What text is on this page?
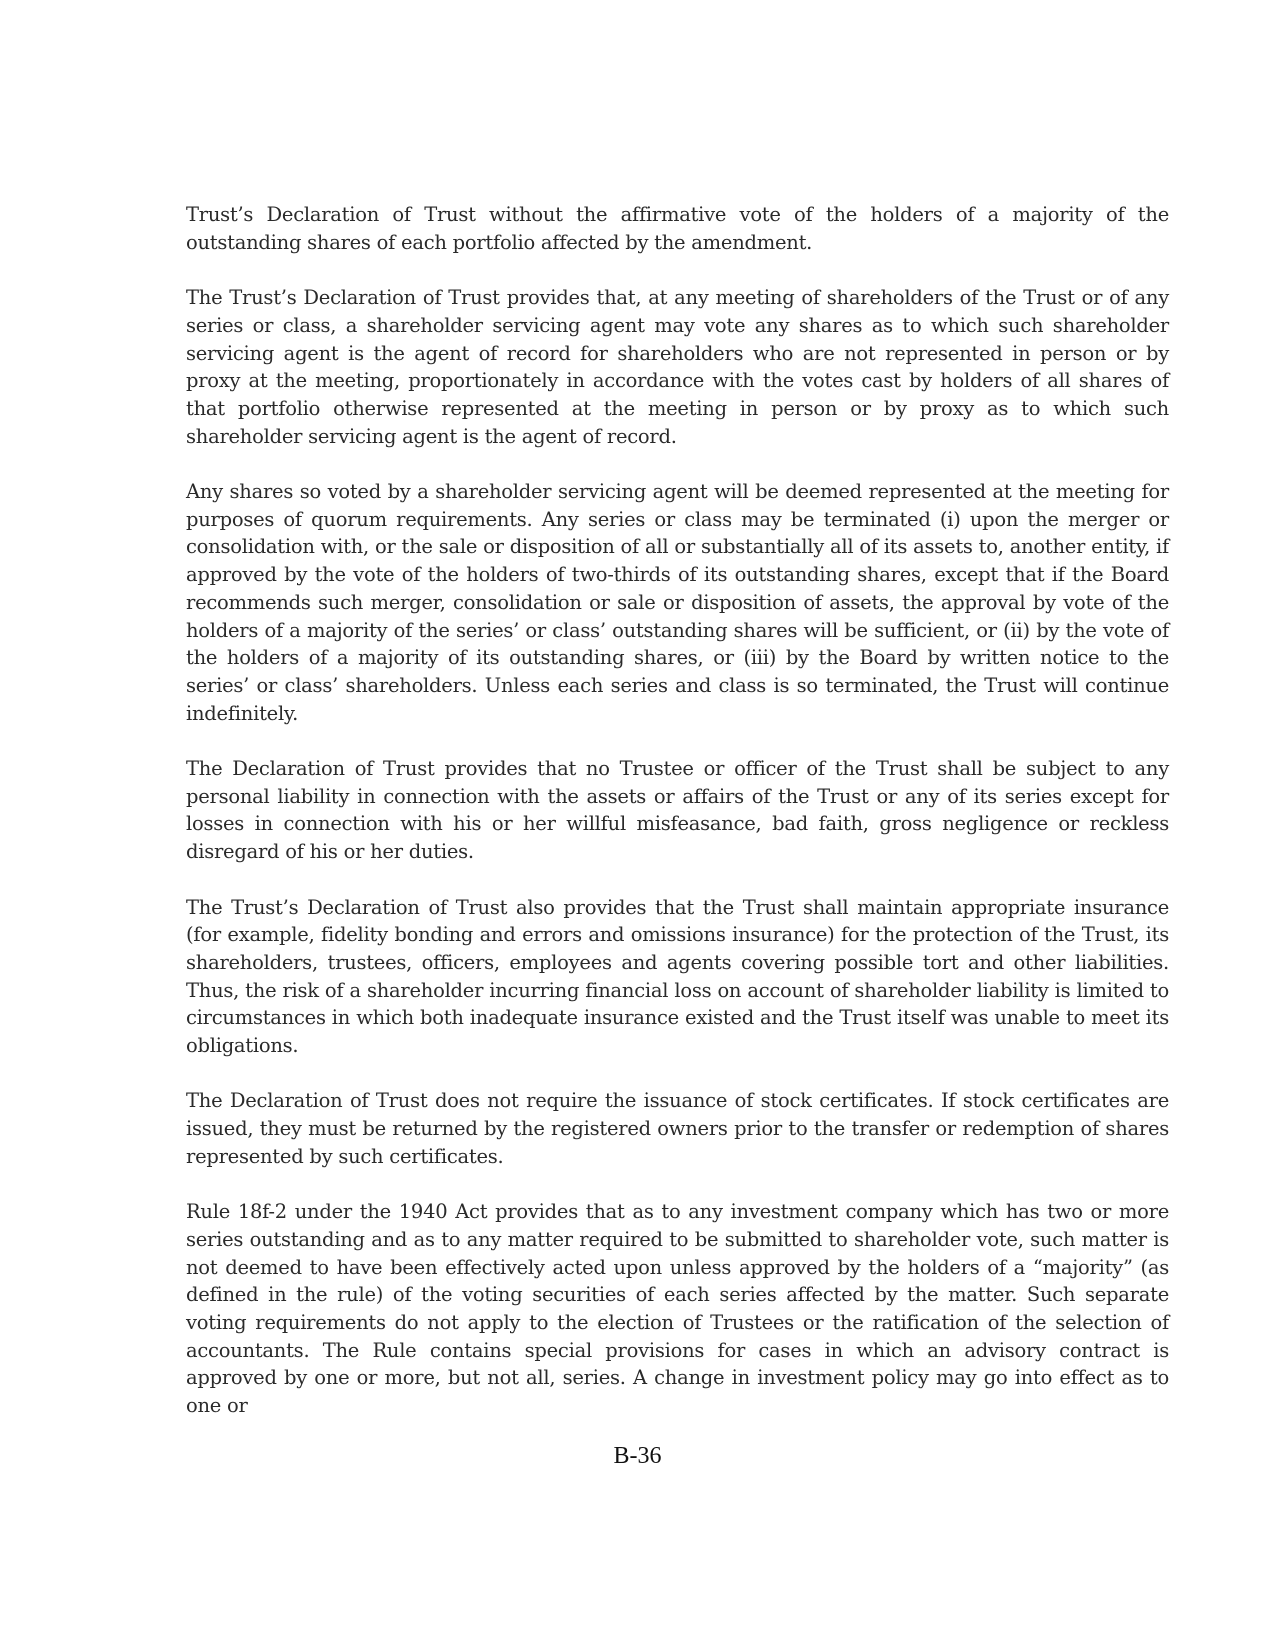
Trust’s Declaration of Trust without the affirmative vote of the holders of a majority of the outstanding shares of each portfolio affected by the amendment.

The Trust’s Declaration of Trust provides that, at any meeting of shareholders of the Trust or of any series or class, a shareholder servicing agent may vote any shares as to which such shareholder servicing agent is the agent of record for shareholders who are not represented in person or by proxy at the meeting, proportionately in accordance with the votes cast by holders of all shares of that portfolio otherwise represented at the meeting in person or by proxy as to which such shareholder servicing agent is the agent of record.

Any shares so voted by a shareholder servicing agent will be deemed represented at the meeting for purposes of quorum requirements. Any series or class may be terminated (i) upon the merger or consolidation with, or the sale or disposition of all or substantially all of its assets to, another entity, if approved by the vote of the holders of two-thirds of its outstanding shares, except that if the Board recommends such merger, consolidation or sale or disposition of assets, the approval by vote of the holders of a majority of the series’ or class’ outstanding shares will be sufficient, or (ii) by the vote of the holders of a majority of its outstanding shares, or (iii) by the Board by written notice to the series’ or class’ shareholders. Unless each series and class is so terminated, the Trust will continue indefinitely.

The Declaration of Trust provides that no Trustee or officer of the Trust shall be subject to any personal liability in connection with the assets or affairs of the Trust or any of its series except for losses in connection with his or her willful misfeasance, bad faith, gross negligence or reckless disregard of his or her duties.

The Trust’s Declaration of Trust also provides that the Trust shall maintain appropriate insurance (for example, fidelity bonding and errors and omissions insurance) for the protection of the Trust, its shareholders, trustees, officers, employees and agents covering possible tort and other liabilities. Thus, the risk of a shareholder incurring financial loss on account of shareholder liability is limited to circumstances in which both inadequate insurance existed and the Trust itself was unable to meet its obligations.

The Declaration of Trust does not require the issuance of stock certificates. If stock certificates are issued, they must be returned by the registered owners prior to the transfer or redemption of shares represented by such certificates.

Rule 18f-2 under the 1940 Act provides that as to any investment company which has two or more series outstanding and as to any matter required to be submitted to shareholder vote, such matter is not deemed to have been effectively acted upon unless approved by the holders of a “majority” (as defined in the rule) of the voting securities of each series affected by the matter. Such separate voting requirements do not apply to the election of Trustees or the ratification of the selection of accountants. The Rule contains special provisions for cases in which an advisory contract is approved by one or more, but not all, series. A change in investment policy may go into effect as to one or

B-36
